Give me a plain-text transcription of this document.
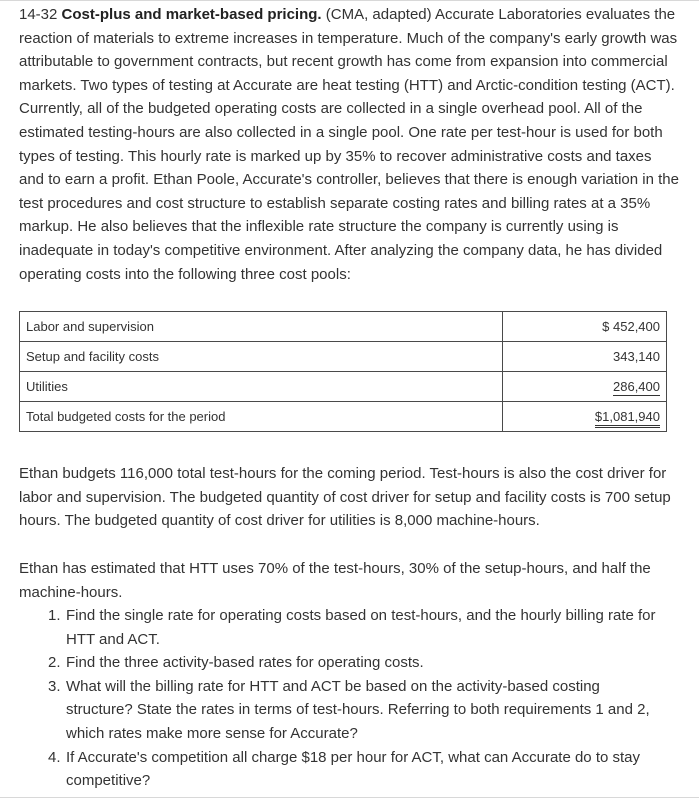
14-32 Cost-plus and market-based pricing. (CMA, adapted) Accurate Laboratories evaluates the reaction of materials to extreme increases in temperature. Much of the company's early growth was attributable to government contracts, but recent growth has come from expansion into commercial markets. Two types of testing at Accurate are heat testing (HTT) and Arctic-condition testing (ACT). Currently, all of the budgeted operating costs are collected in a single overhead pool. All of the estimated testing-hours are also collected in a single pool. One rate per test-hour is used for both types of testing. This hourly rate is marked up by 35% to recover administrative costs and taxes and to earn a profit. Ethan Poole, Accurate's controller, believes that there is enough variation in the test procedures and cost structure to establish separate costing rates and billing rates at a 35% markup. He also believes that the inflexible rate structure the company is currently using is inadequate in today's competitive environment. After analyzing the company data, he has divided operating costs into the following three cost pools:

Labor and supervision	$ 452,400
Setup and facility costs	343,140
Utilities	286,400
Total budgeted costs for the period	$1,081,940

Ethan budgets 116,000 total test-hours for the coming period. Test-hours is also the cost driver for labor and supervision. The budgeted quantity of cost driver for setup and facility costs is 700 setup hours. The budgeted quantity of cost driver for utilities is 8,000 machine-hours.

Ethan has estimated that HTT uses 70% of the test-hours, 30% of the setup-hours, and half the machine-hours.

1. Find the single rate for operating costs based on test-hours, and the hourly billing rate for HTT and ACT.
2. Find the three activity-based rates for operating costs.
3. What will the billing rate for HTT and ACT be based on the activity-based costing structure? State the rates in terms of test-hours. Referring to both requirements 1 and 2, which rates make more sense for Accurate?
4. If Accurate's competition all charge $18 per hour for ACT, what can Accurate do to stay competitive?
